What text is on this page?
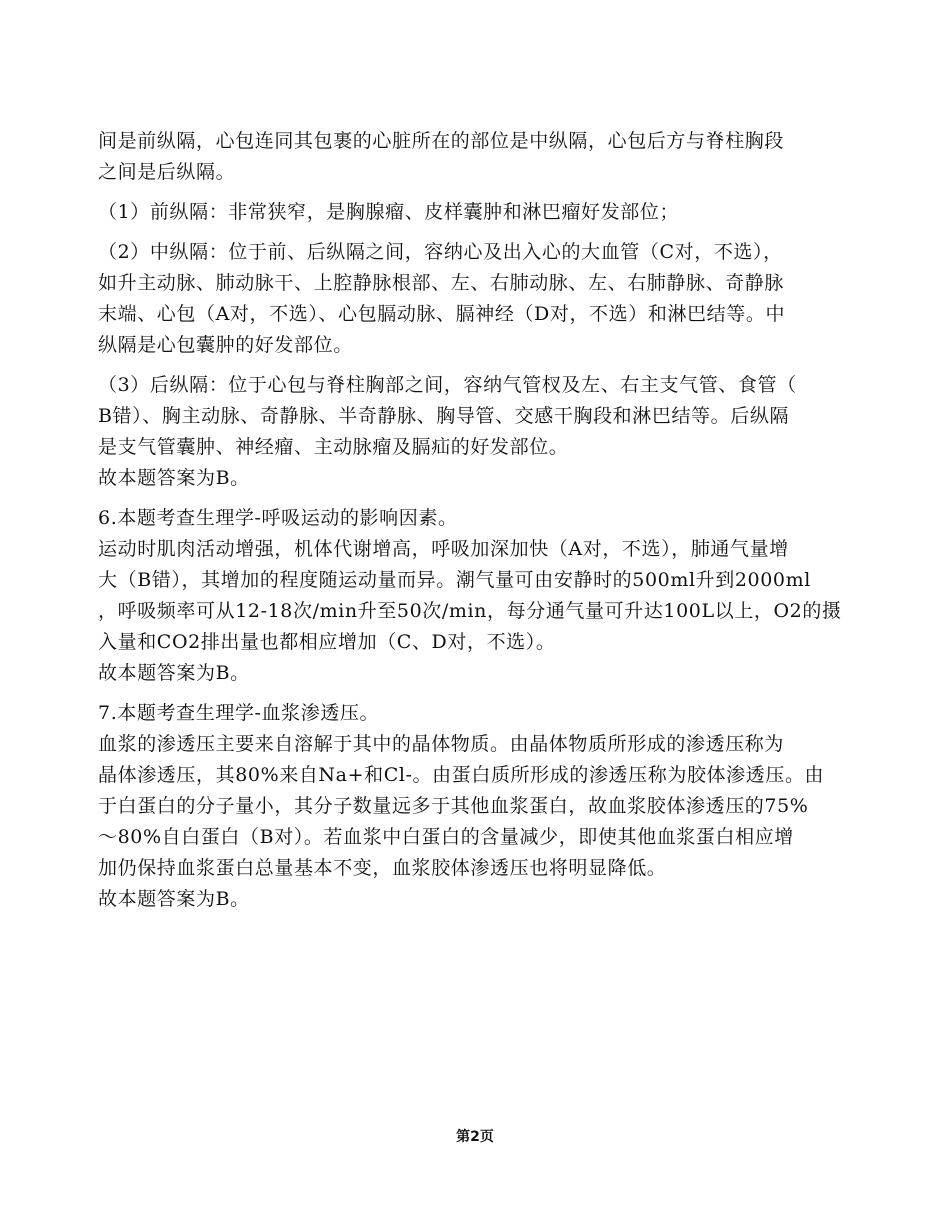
间是前纵隔，心包连同其包裹的心脏所在的部位是中纵隔，心包后方与脊柱胸段
之间是后纵隔。
（1）前纵隔：非常狭窄，是胸腺瘤、皮样囊肿和淋巴瘤好发部位；
（2）中纵隔：位于前、后纵隔之间，容纳心及出入心的大血管（C对，不选），
如升主动脉、肺动脉干、上腔静脉根部、左、右肺动脉、左、右肺静脉、奇静脉
末端、心包（A对，不选）、心包膈动脉、膈神经（D对，不选）和淋巴结等。中
纵隔是心包囊肿的好发部位。
（3）后纵隔：位于心包与脊柱胸部之间，容纳气管杈及左、右主支气管、食管（
B错）、胸主动脉、奇静脉、半奇静脉、胸导管、交感干胸段和淋巴结等。后纵隔
是支气管囊肿、神经瘤、主动脉瘤及膈疝的好发部位。
故本题答案为B。
6.本题考查生理学-呼吸运动的影响因素。
运动时肌肉活动增强，机体代谢增高，呼吸加深加快（A对，不选），肺通气量增
大（B错），其增加的程度随运动量而异。潮气量可由安静时的500ml升到2000ml
，呼吸频率可从12-18次/min升至50次/min，每分通气量可升达100L以上，O2的摄
入量和CO2排出量也都相应增加（C、D对，不选）。
故本题答案为B。
7.本题考查生理学-血浆渗透压。
血浆的渗透压主要来自溶解于其中的晶体物质。由晶体物质所形成的渗透压称为
晶体渗透压，其80%来自Na+和Cl-。由蛋白质所形成的渗透压称为胶体渗透压。由
于白蛋白的分子量小，其分子数量远多于其他血浆蛋白，故血浆胶体渗透压的75%
～80%自白蛋白（B对）。若血浆中白蛋白的含量减少，即使其他血浆蛋白相应增
加仍保持血浆蛋白总量基本不变，血浆胶体渗透压也将明显降低。
故本题答案为B。
第2页
